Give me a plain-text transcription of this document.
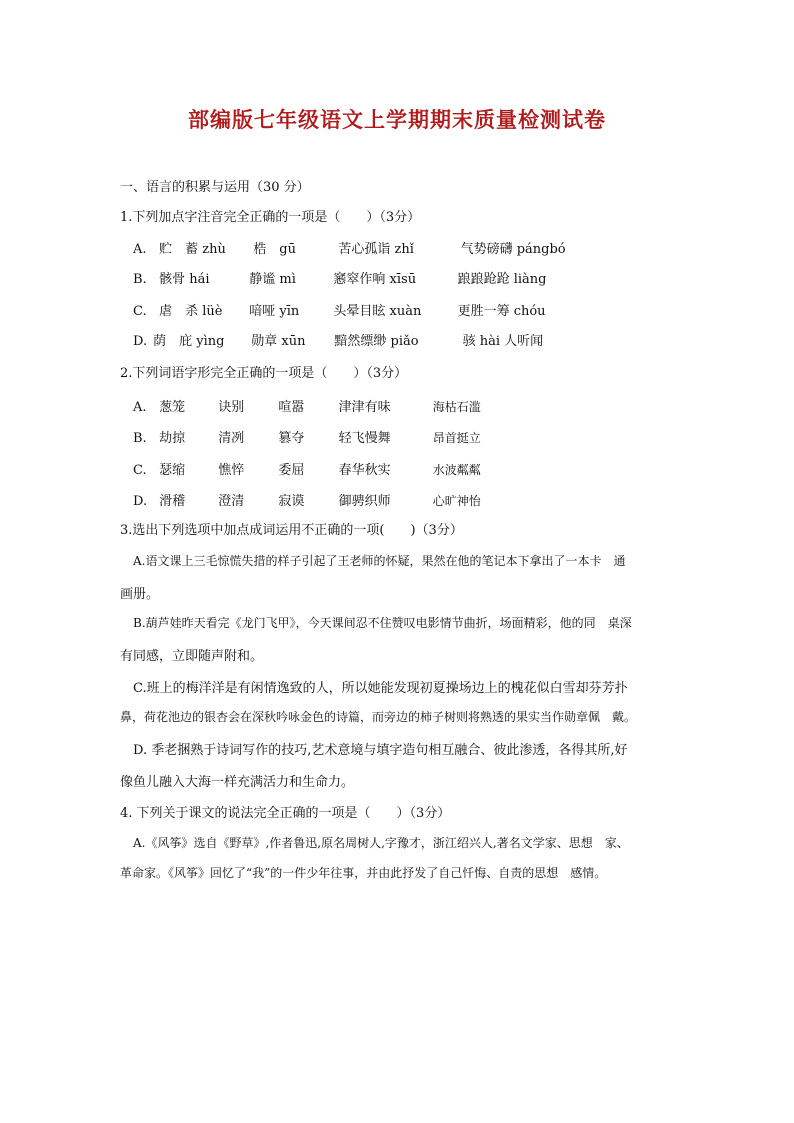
部编版七年级语文上学期期末质量检测试卷
一、语言的积累与运用（30 分）
1.下列加点字注音完全正确的一项是（　　）（3分）
A. 贮　蓄 zhù 梏　gū	苦心孤诣 zhǐ	气势磅礴 pángbó
B. 骸骨 hái	静谧 mì	窸窣作响 xīsū	踉踉跄跄 liàng
C. 虐　杀 lüè 喑哑 yīn	头晕目眩 xuàn	更胜一筹 chóu
D. 荫　庇 yìng 勋章 xūn 黯然缥缈 piǎo	骇 hài 人听闻
2.下列词语字形完全正确的一项是（　　）（3分）
A. 葱笼	诀别	喧嚣	津津有味	海枯石滥
B. 劫掠	清冽	篡夺	轻飞慢舞	昂首挺立
C. 瑟缩	憔悴	委屈	春华秋实	水波粼粼
D. 滑稽	澄清	寂谟	御骋织师	心旷神怡
3.选出下列选项中加点成词运用不正确的一项(　　)（3分）
A.语文课上三毛惊慌失措的样子引起了王老师的怀疑，果然在他的笔记本下拿出了一本卡　通
画册。
B.葫芦娃昨天看完《龙门飞甲》，今天课间忍不住赞叹电影情节曲折，场面精彩，他的同　桌深
有同感，立即随声附和。
C.班上的梅洋洋是有闲情逸致的人，所以她能发现初夏操场边上的槐花似白雪却芬芳扑
鼻，荷花池边的银杏会在深秋吟咏金色的诗篇，而旁边的柿子树则将熟透的果实当作勋章佩　戴。
D. 季老捆熟于诗词写作的技巧,艺术意境与填字造句相互融合、彼此渗透，各得其所,好
像鱼儿融入大海一样充满活力和生命力。
4. 下列关于课文的说法完全正确的一项是（　　）（3分）
A.《风筝》选自《野草》,作者鲁迅,原名周树人,字豫才，浙江绍兴人,著名文学家、思想　家、
革命家。《风筝》回忆了“我”的一件少年往事，并由此抒发了自己忏悔、自责的思想　感情。
